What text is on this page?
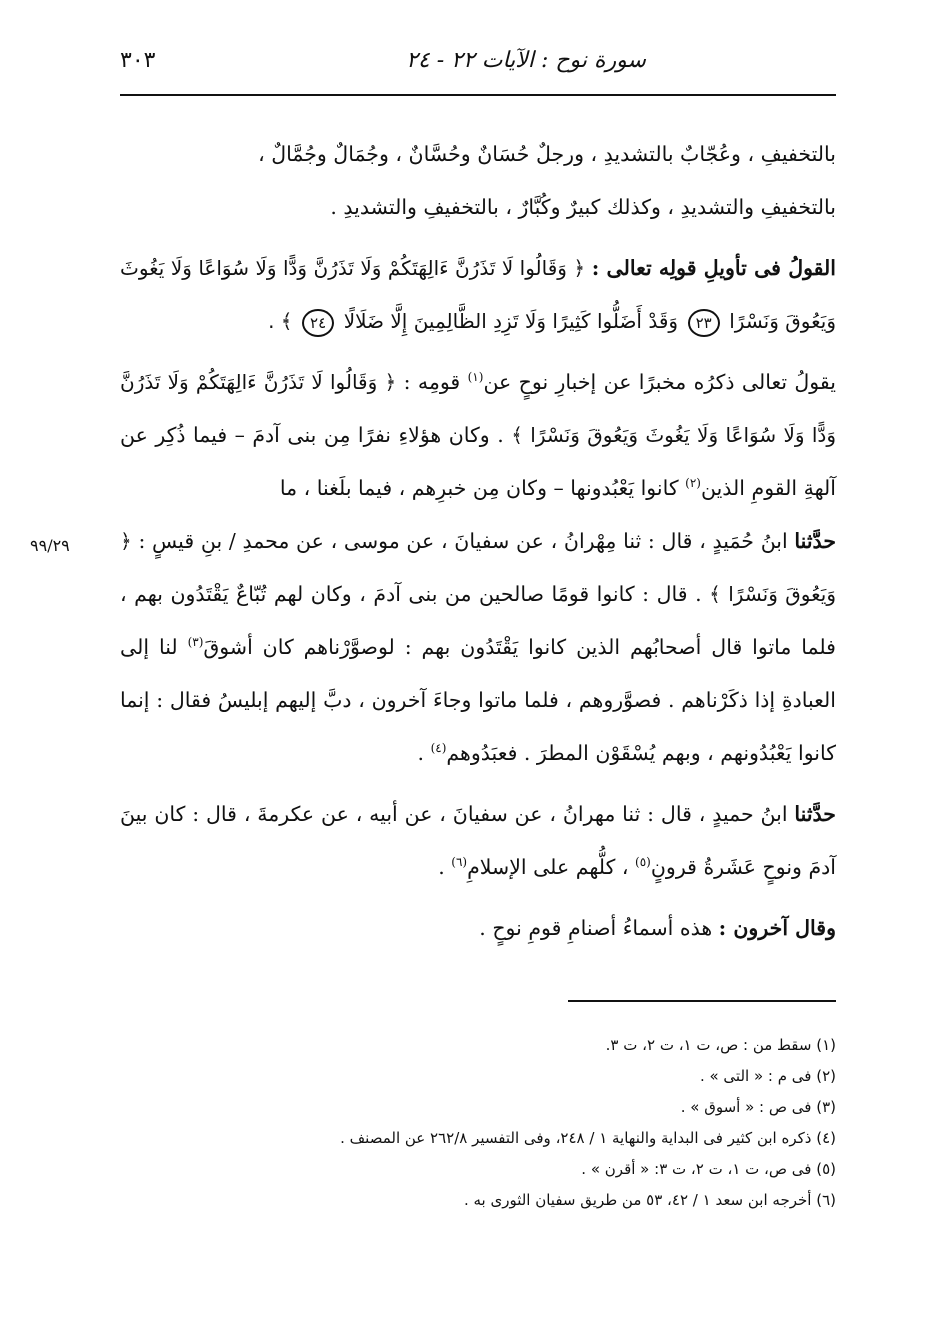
سورة نوح : الآيات ٢٢ - ٢٤
٣٠٣
٩٩/٢٩

بالتخفيفِ ، وعُجّابٌ بالتشديدِ ، ورجلٌ حُسَانٌ وحُسَّانٌ ، وجُمَالٌ وجُمَّالٌ ،
بالتخفيفِ والتشديدِ ، وكذلك كبيرٌ وكُبَّارٌ ، بالتخفيفِ والتشديدِ .

القولُ فى تأويلِ قولِه تعالى : ﴿ وَقَالُوا لَا تَذَرُنَّ ءَالِهَتَكُمْ وَلَا تَذَرُنَّ وَدًّا وَلَا سُوَاعًا وَلَا يَغُوثَ وَيَعُوقَ وَنَسْرًا ٢٣ وَقَدْ أَضَلُّوا كَثِيرًا وَلَا تَزِدِ الظَّالِمِينَ إِلَّا ضَلَالًا ٢٤ ﴾ .

يقولُ تعالى ذكرُه مخبرًا عن إخبارِ نوحٍ عن$^{(١)}$ قومِه : ﴿ وَقَالُوا لَا تَذَرُنَّ ءَالِهَتَكُمْ وَلَا تَذَرُنَّ وَدًّا وَلَا سُوَاعًا وَلَا يَغُوثَ وَيَعُوقَ وَنَسْرًا ﴾ . وكان هؤلاءِ نفرًا مِن بنى آدمَ – فيما ذُكِر عن آلهةِ القومِ الذين$^{(٢)}$ كانوا يَعْبُدونها – وكان مِن خبرِهم ، فيما بلَغنا ، ما

حدَّثنا ابنُ حُمَيدٍ ، قال : ثنا مِهْرانُ ، عن سفيانَ ، عن موسى ، عن محمدِ / بنِ قيسٍ : ﴿ وَيَعُوقَ وَنَسْرًا ﴾ . قال : كانوا قومًا صالحين من بنى آدمَ ، وكان لهم تُبّاعٌ يَقْتَدُون بهم ، فلما ماتوا قال أصحابُهم الذين كانوا يَقْتَدُون بهم : لوصوَّرْناهم كان أشوقَ$^{(٣)}$ لنا إلى العبادةِ إذا ذكَرْناهم . فصوَّروهم ، فلما ماتوا وجاءَ آخرون ، دبَّ إليهم إبليسُ فقال : إنما كانوا يَعْبُدُونهم ، وبهم يُسْقَوْن المطرَ . فعبَدُوهم$^{(٤)}$ .

حدَّثنا ابنُ حميدٍ ، قال : ثنا مهرانُ ، عن سفيانَ ، عن أبيه ، عن عكرمةَ ، قال : كان بينَ آدمَ ونوحٍ عَشَرةُ قرونٍ$^{(٥)}$ ، كلُّهم على الإسلامِ$^{(٦)}$ .

وقال آخرون : هذه أسماءُ أصنامِ قومِ نوحٍ .

(١) سقط من : ص، ت ١، ت ٢، ت ٣.

(٢) فى م : « التى » .

(٣) فى ص : « أسوق » .

(٤) ذكره ابن كثير فى البداية والنهاية ١ / ٢٤٨، وفى التفسير ٢٦٢/٨ عن المصنف .

(٥) فى ص، ت ١، ت ٢، ت ٣: « أقرن » .

(٦) أخرجه ابن سعد ١ / ٤٢، ٥٣ من طريق سفيان الثورى به .
